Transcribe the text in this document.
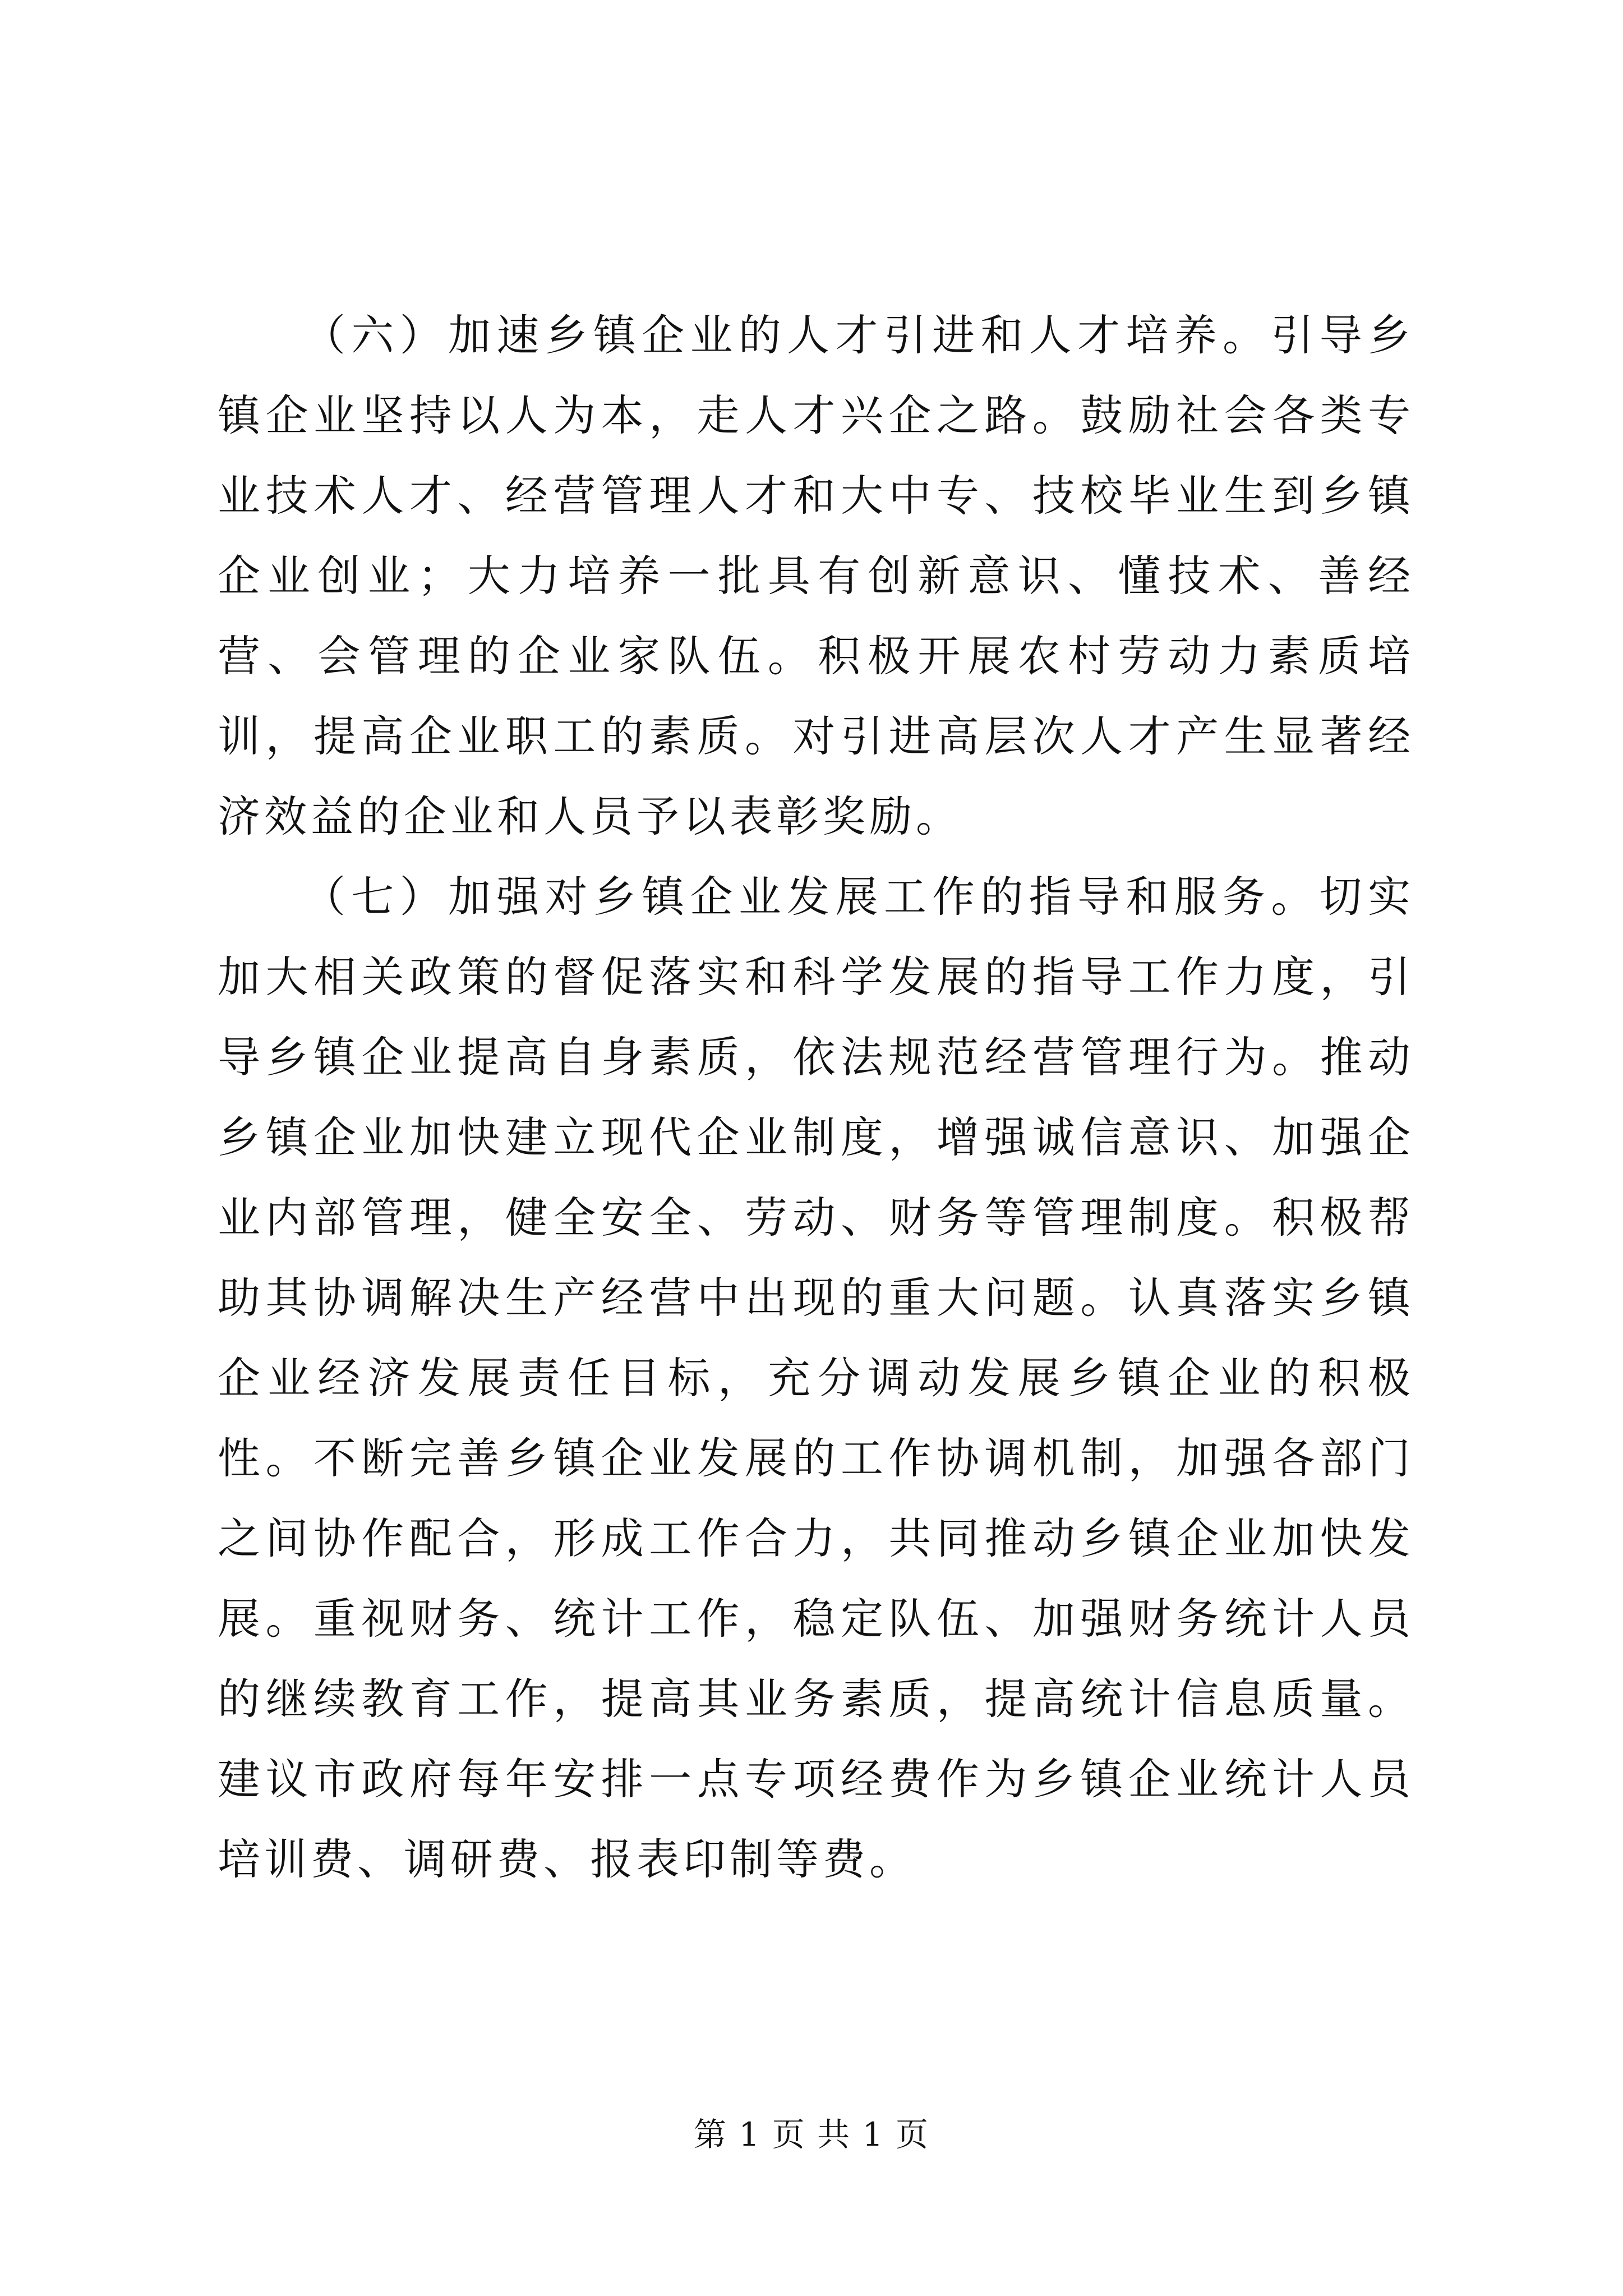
（六）加速乡镇企业的人才引进和人才培养。引导乡镇企业坚持以人为本，走人才兴企之路。鼓励社会各类专业技术人才、经营管理人才和大中专、技校毕业生到乡镇企业创业；大力培养一批具有创新意识、懂技术、善经营、会管理的企业家队伍。积极开展农村劳动力素质培训，提高企业职工的素质。对引进高层次人才产生显著经济效益的企业和人员予以表彰奖励。

（七）加强对乡镇企业发展工作的指导和服务。切实加大相关政策的督促落实和科学发展的指导工作力度，引导乡镇企业提高自身素质，依法规范经营管理行为。推动乡镇企业加快建立现代企业制度，增强诚信意识、加强企业内部管理，健全安全、劳动、财务等管理制度。积极帮助其协调解决生产经营中出现的重大问题。认真落实乡镇企业经济发展责任目标，充分调动发展乡镇企业的积极性。不断完善乡镇企业发展的工作协调机制，加强各部门之间协作配合，形成工作合力，共同推动乡镇企业加快发展。重视财务、统计工作，稳定队伍、加强财务统计人员的继续教育工作，提高其业务素质，提高统计信息质量。建议市政府每年安排一点专项经费作为乡镇企业统计人员培训费、调研费、报表印制等费。

第 1 页 共 1 页
